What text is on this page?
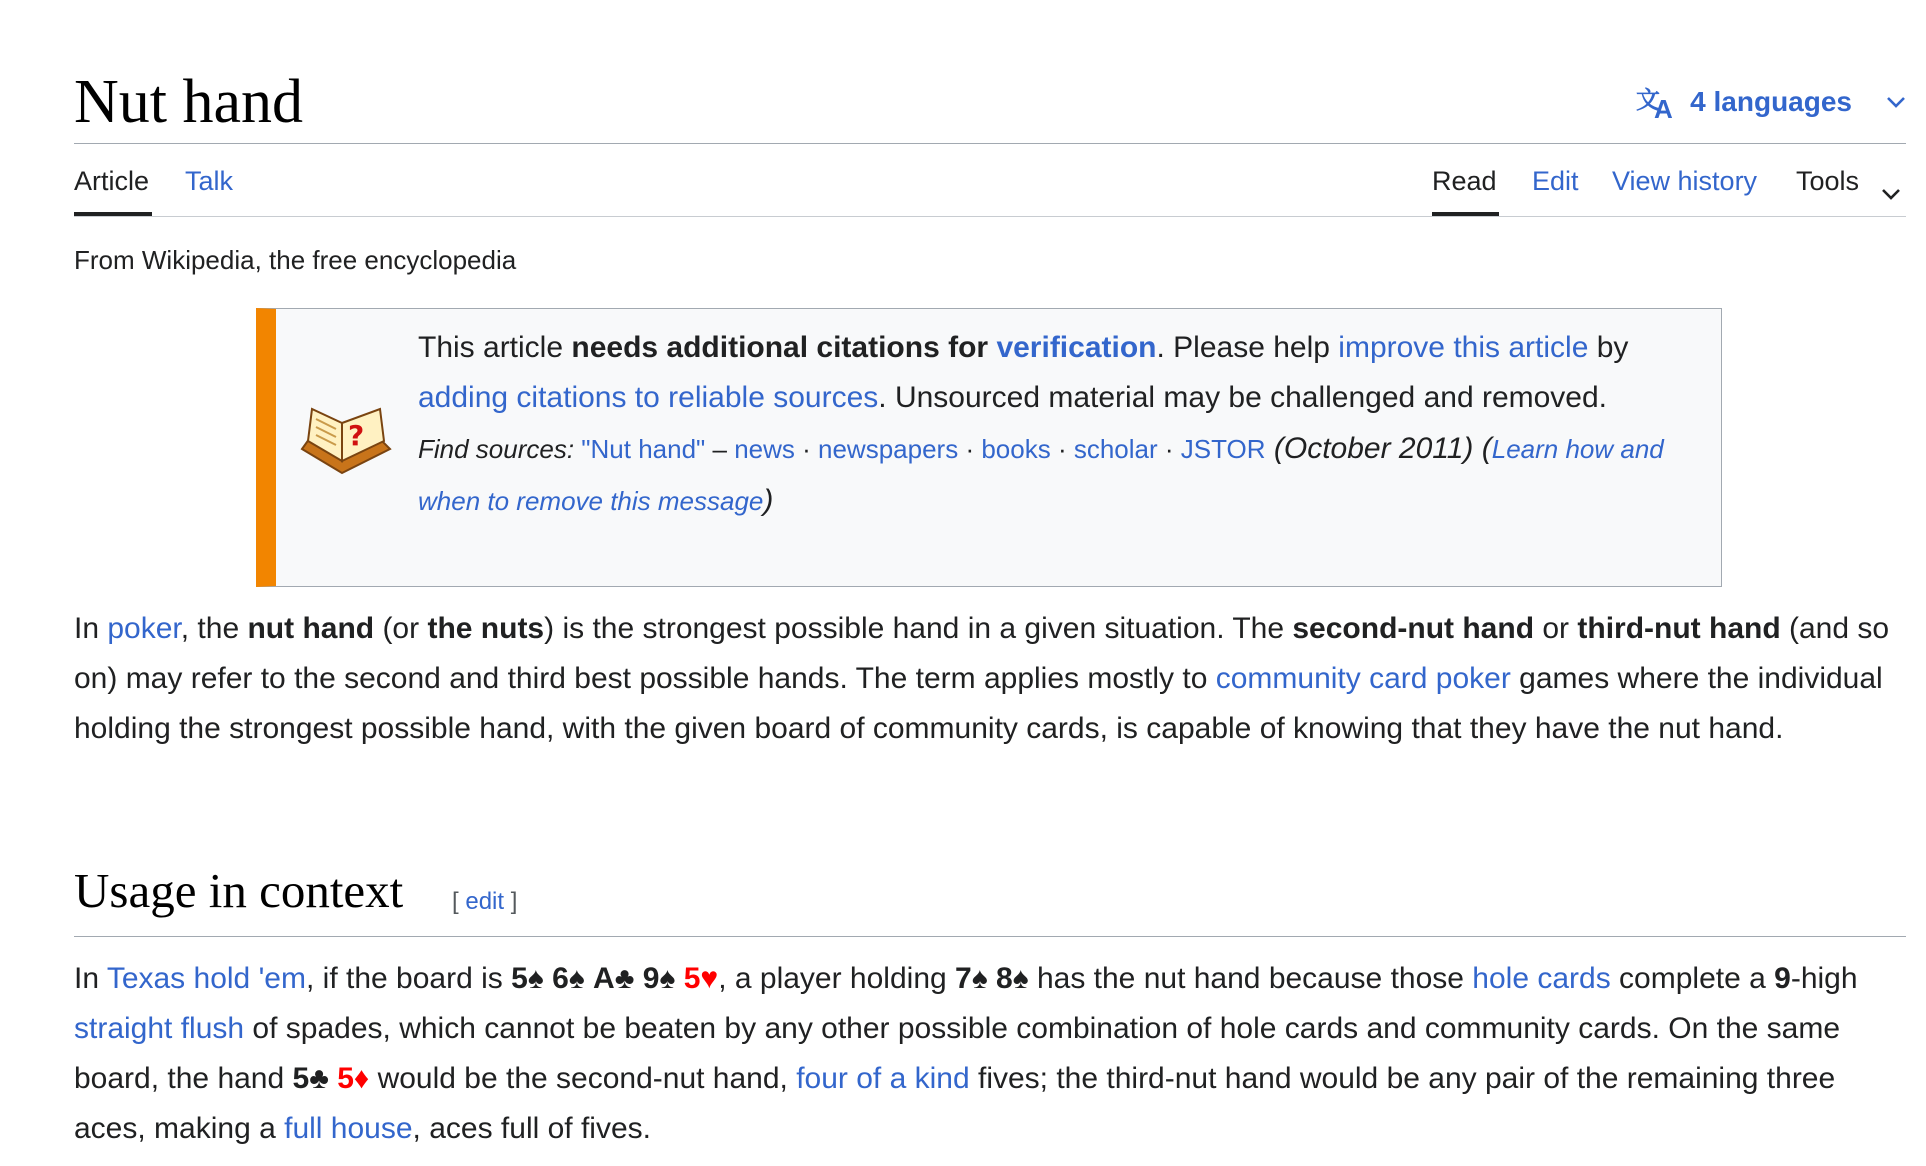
Nut hand	文
A 4 languages
Article Talk	Read Edit View history Tools
From Wikipedia, the free encyclopedia
?
This article needs additional citations for verification. Please help improve this article by adding citations to reliable sources. Unsourced material may be challenged and removed.
Find sources: "Nut hand" – news · newspapers · books · scholar · JSTOR (October 2011) (Learn how and when to remove this message)
In poker, the nut hand (or the nuts) is the strongest possible hand in a given situation. The second-nut hand or third-nut hand (and so on) may refer to the second and third best possible hands. The term applies mostly to community card poker games where the individual holding the strongest possible hand, with the given board of community cards, is capable of knowing that they have the nut hand.
Usage in context [ edit ]
In Texas hold 'em, if the board is 5♠ 6♠ A♣ 9♠ 5♥, a player holding 7♠ 8♠ has the nut hand because those hole cards complete a 9-high straight flush of spades, which cannot be beaten by any other possible combination of hole cards and community cards. On the same board, the hand 5♣ 5♦ would be the second-nut hand, four of a kind fives; the third-nut hand would be any pair of the remaining three aces, making a full house, aces full of fives.
